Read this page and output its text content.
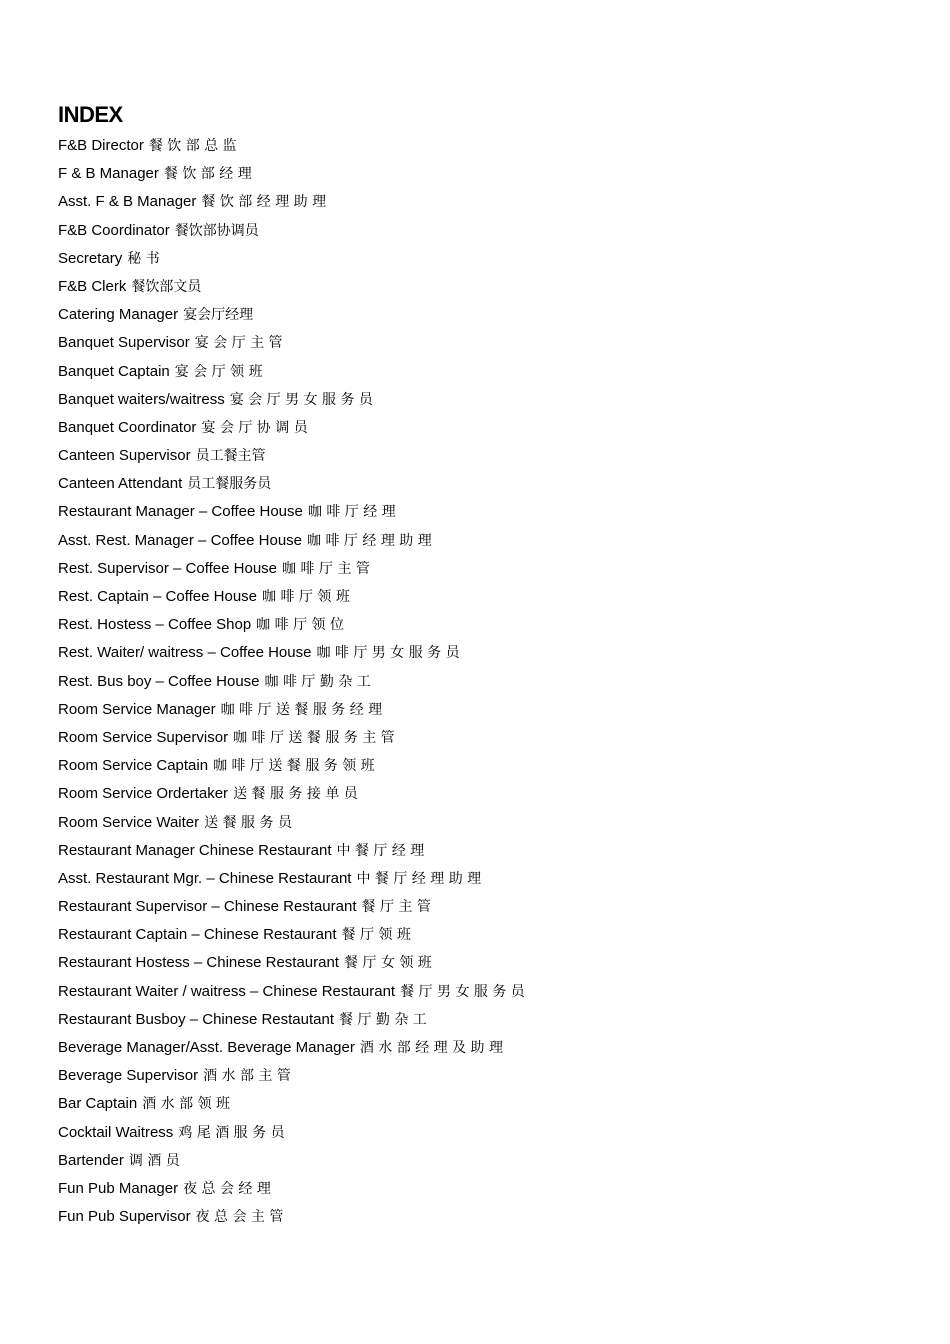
INDEX
F&B Director 餐 饮 部 总 监
F & B Manager 餐 饮 部 经 理
Asst. F & B Manager 餐 饮 部 经 理 助 理
F&B Coordinator 餐饮部协调员
Secretary 秘 书
F&B Clerk 餐饮部文员
Catering Manager 宴会厅经理
Banquet Supervisor 宴 会 厅 主 管
Banquet Captain 宴 会 厅 领 班
Banquet waiters/waitress 宴 会 厅 男 女 服 务 员
Banquet Coordinator 宴 会 厅 协 调 员
Canteen Supervisor 员工餐主管
Canteen Attendant 员工餐服务员
Restaurant Manager – Coffee House 咖 啡 厅 经 理
Asst. Rest. Manager – Coffee House 咖 啡 厅 经 理 助 理
Rest. Supervisor – Coffee House 咖 啡 厅 主 管
Rest. Captain – Coffee House 咖 啡 厅 领 班
Rest. Hostess – Coffee Shop 咖 啡 厅 领 位
Rest. Waiter/ waitress – Coffee House 咖 啡 厅 男 女 服 务 员
Rest. Bus boy – Coffee House 咖 啡 厅 勤 杂 工
Room Service Manager 咖 啡 厅 送 餐 服 务 经 理
Room Service Supervisor 咖 啡 厅 送 餐 服 务 主 管
Room Service Captain 咖 啡 厅 送 餐 服 务 领 班
Room Service Ordertaker 送 餐 服 务 接 单 员
Room Service Waiter 送 餐 服 务 员
Restaurant Manager Chinese Restaurant 中 餐 厅 经 理
Asst. Restaurant Mgr. – Chinese Restaurant 中 餐 厅 经 理 助 理
Restaurant Supervisor – Chinese Restaurant 餐 厅 主 管
Restaurant Captain – Chinese Restaurant 餐 厅 领 班
Restaurant Hostess – Chinese Restaurant 餐 厅 女 领 班
Restaurant Waiter / waitress – Chinese Restaurant 餐 厅 男 女 服 务 员
Restaurant Busboy – Chinese Restautant 餐 厅 勤 杂 工
Beverage Manager/Asst. Beverage Manager 酒 水 部 经 理 及 助 理
Beverage Supervisor 酒 水 部 主 管
Bar Captain 酒 水 部 领 班
Cocktail Waitress 鸡 尾 酒 服 务 员
Bartender 调 酒 员
Fun Pub Manager 夜 总 会 经 理
Fun Pub Supervisor 夜 总 会 主 管
